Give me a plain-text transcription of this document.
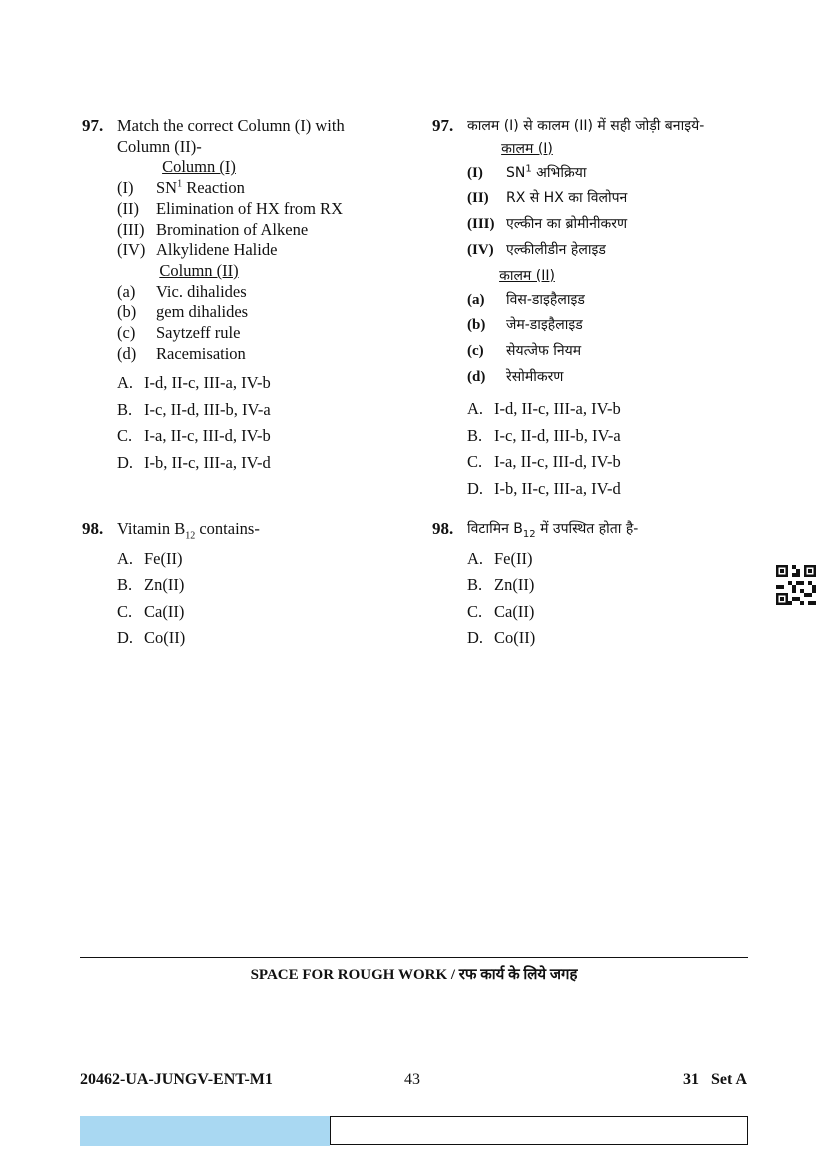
97. Match the correct Column (I) with
Column (II)-
Column (I)
(I)	$SN^1$ Reaction
(II)	Elimination of HX from RX
(III) Bromination of Alkene
(IV) Alkylidene Halide
Column (II)
(a)	Vic. dihalides
(b)	gem dihalides
(c)	Saytzeff rule
(d)	Racemisation
A. I-d, II-c, III-a, IV-b
B. I-c, II-d, III-b, IV-a
C. I-a, II-c, III-d, IV-b
D. I-b, II-c, III-a, IV-d
98. Vitamin $B_{12}$ contains-
A. Fe(II)
B. Zn(II)
C. Ca(II)
D. Co(II)
97. कालम (I) से कालम (II) में सही जोड़ी बनाइये-
कालम (I)
(I)	$SN^1$ अभिक्रिया
(II)	RX से HX का विलोपन
(III) एल्कीन का ब्रोमीनीकरण
(IV) एल्कीलीडीन हेलाइड
कालम (II)
(a)	विस-डाइहैलाइड
(b)	जेम-डाइहैलाइड
(c)	सेयत्जेफ नियम
(d)	रेसोमीकरण
A. I-d, II-c, III-a, IV-b
B. I-c, II-d, III-b, IV-a
C. I-a, II-c, III-d, IV-b
D. I-b, II-c, III-a, IV-d
98. विटामिन $B_{12}$ में उपस्थित होता है-
A. Fe(II)
B. Zn(II)
C. Ca(II)
D. Co(II)
SPACE FOR ROUGH WORK / रफ कार्य के लिये जगह
20462-UA-JUNGV-ENT-M1	43	31   Set A
